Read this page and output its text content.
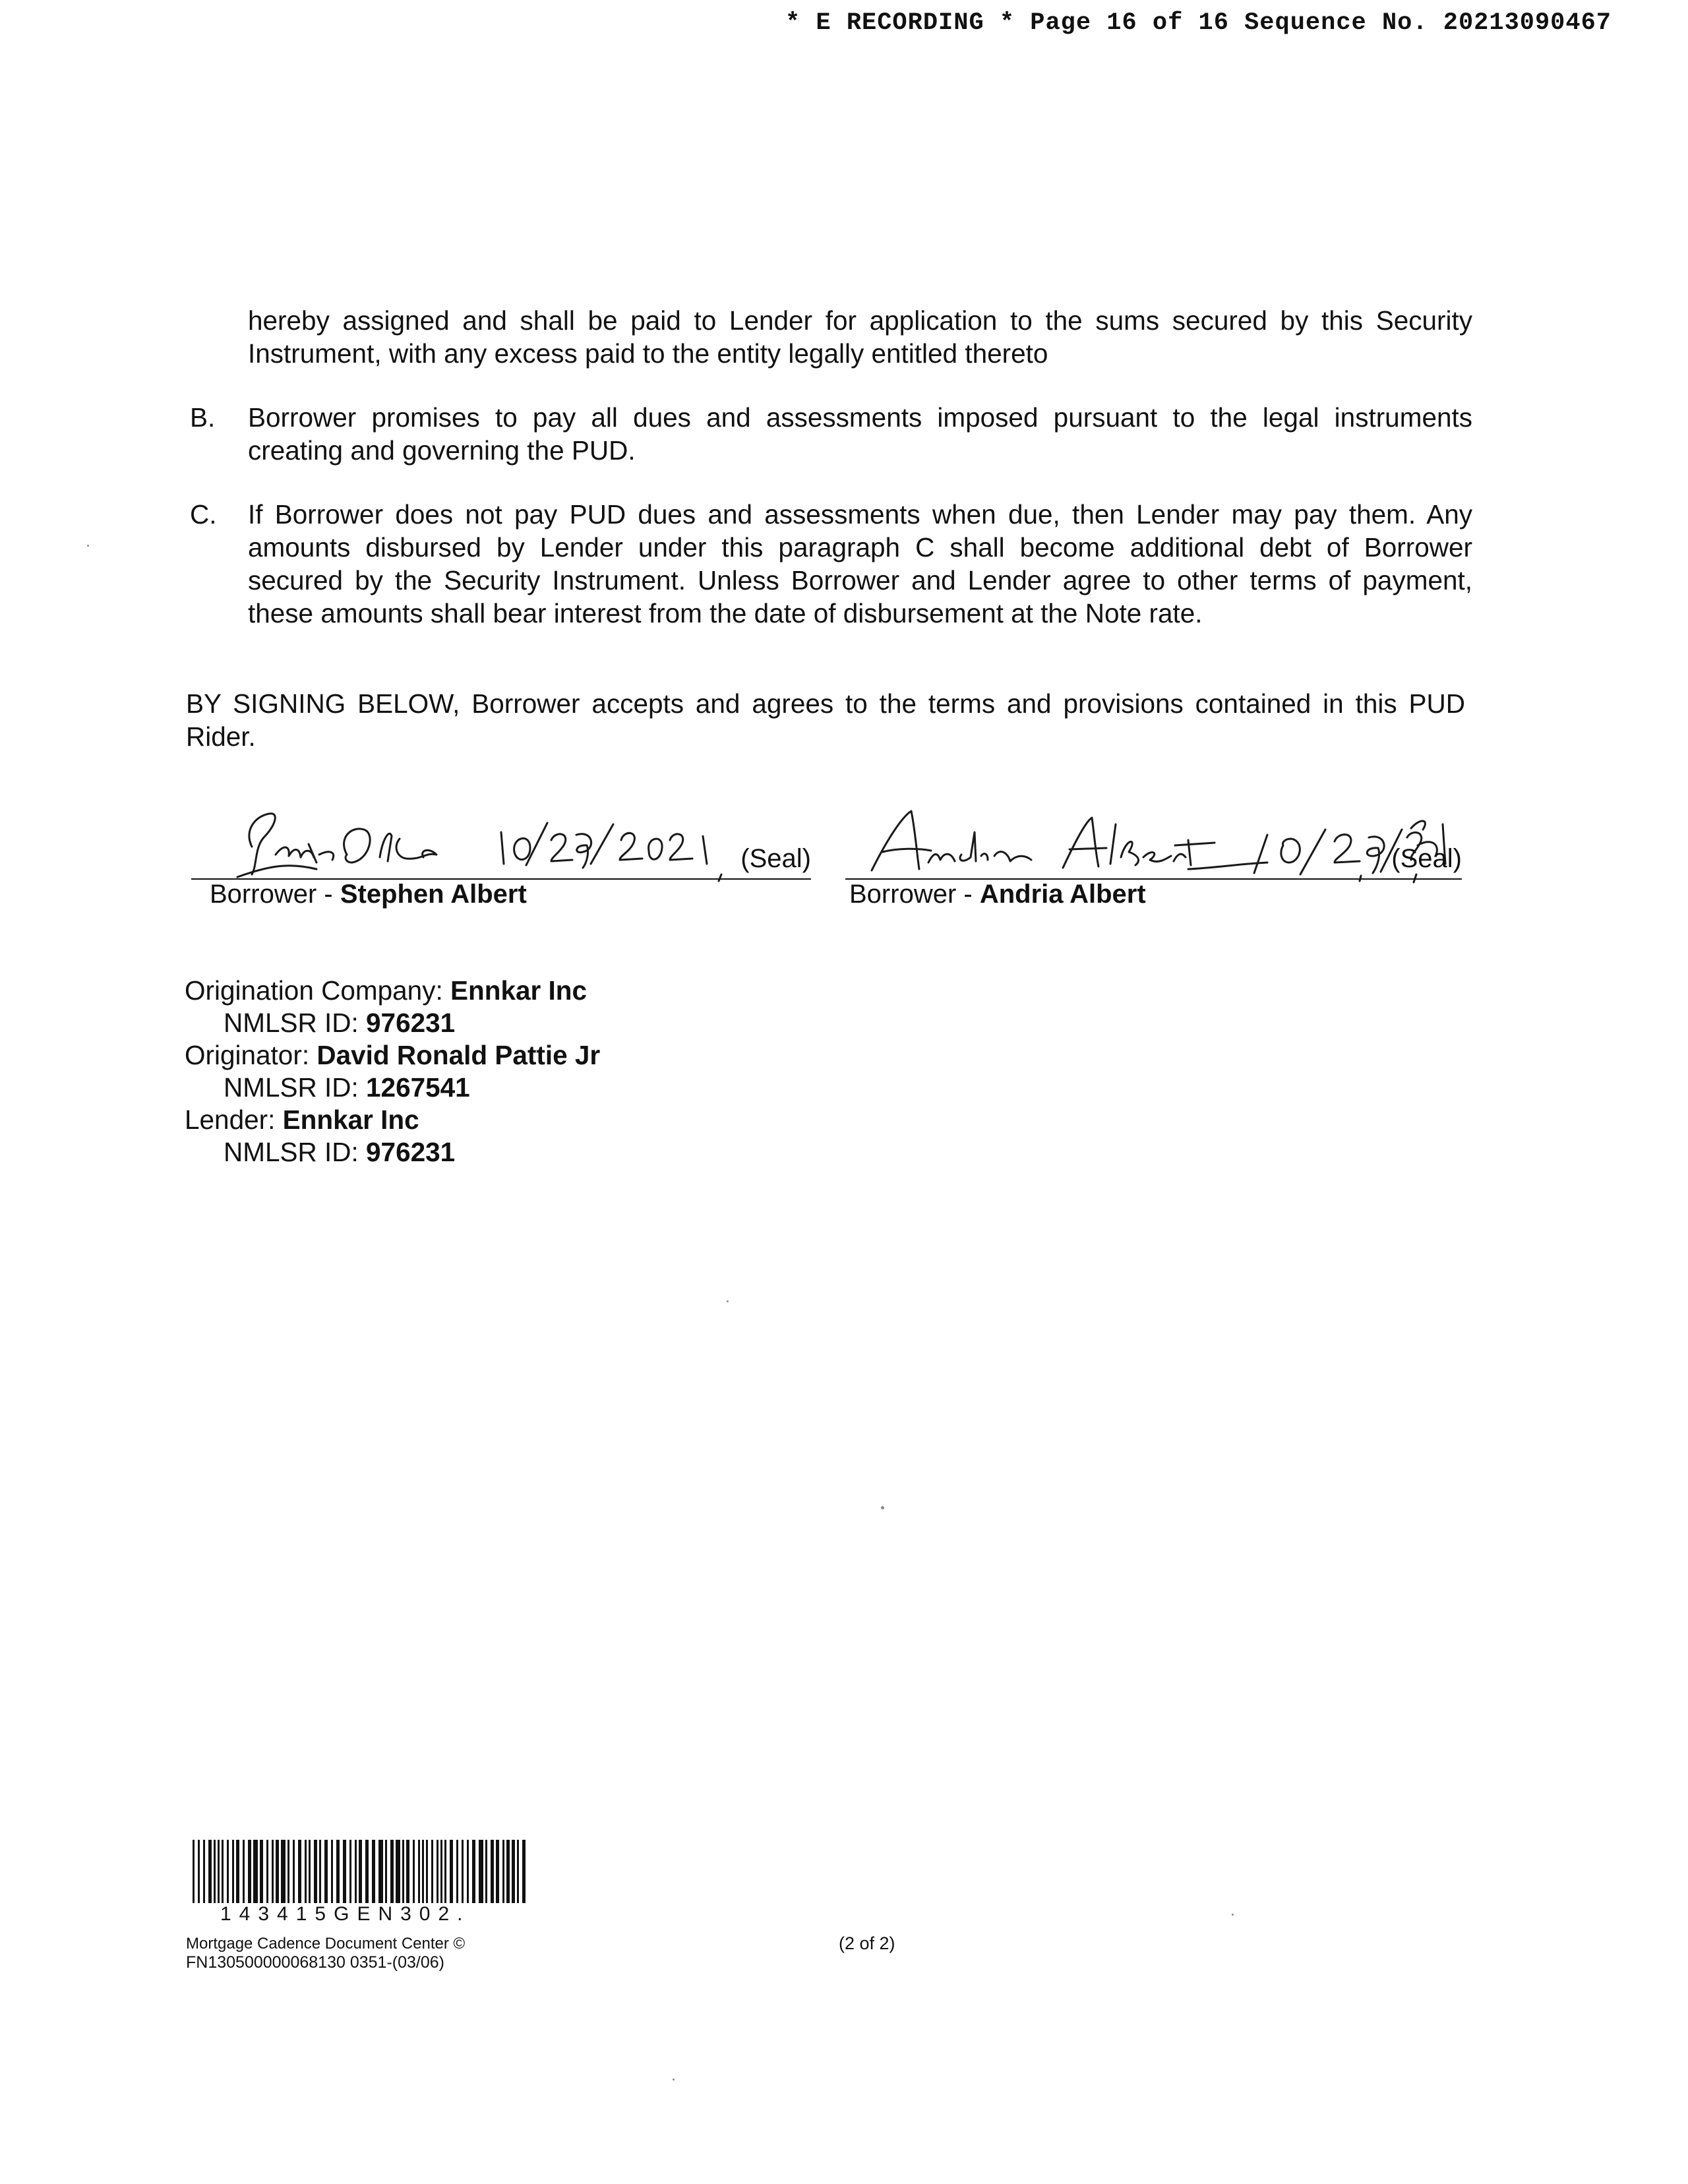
* E RECORDING * Page 16 of 16 Sequence No. 20213090467
hereby assigned and shall be paid to Lender for application to the sums secured by this Security Instrument, with any excess paid to the entity legally entitled thereto
B. Borrower promises to pay all dues and assessments imposed pursuant to the legal instruments creating and governing the PUD.
C. If Borrower does not pay PUD dues and assessments when due, then Lender may pay them. Any amounts disbursed by Lender under this paragraph C shall become additional debt of Borrower secured by the Security Instrument. Unless Borrower and Lender agree to other terms of payment, these amounts shall bear interest from the date of disbursement at the Note rate.
BY SIGNING BELOW, Borrower accepts and agrees to the terms and provisions contained in this PUD Rider.
(Seal)
Borrower - Stephen Albert
(Seal)
Borrower - Andria Albert
Origination Company: Ennkar Inc
NMLSR ID: 976231
Originator: David Ronald Pattie Jr
NMLSR ID: 1267541
Lender: Ennkar Inc
NMLSR ID: 976231
143415GEN302.
Mortgage Cadence Document Center ©
FN130500000068130 0351-(03/06)
(2 of 2)
